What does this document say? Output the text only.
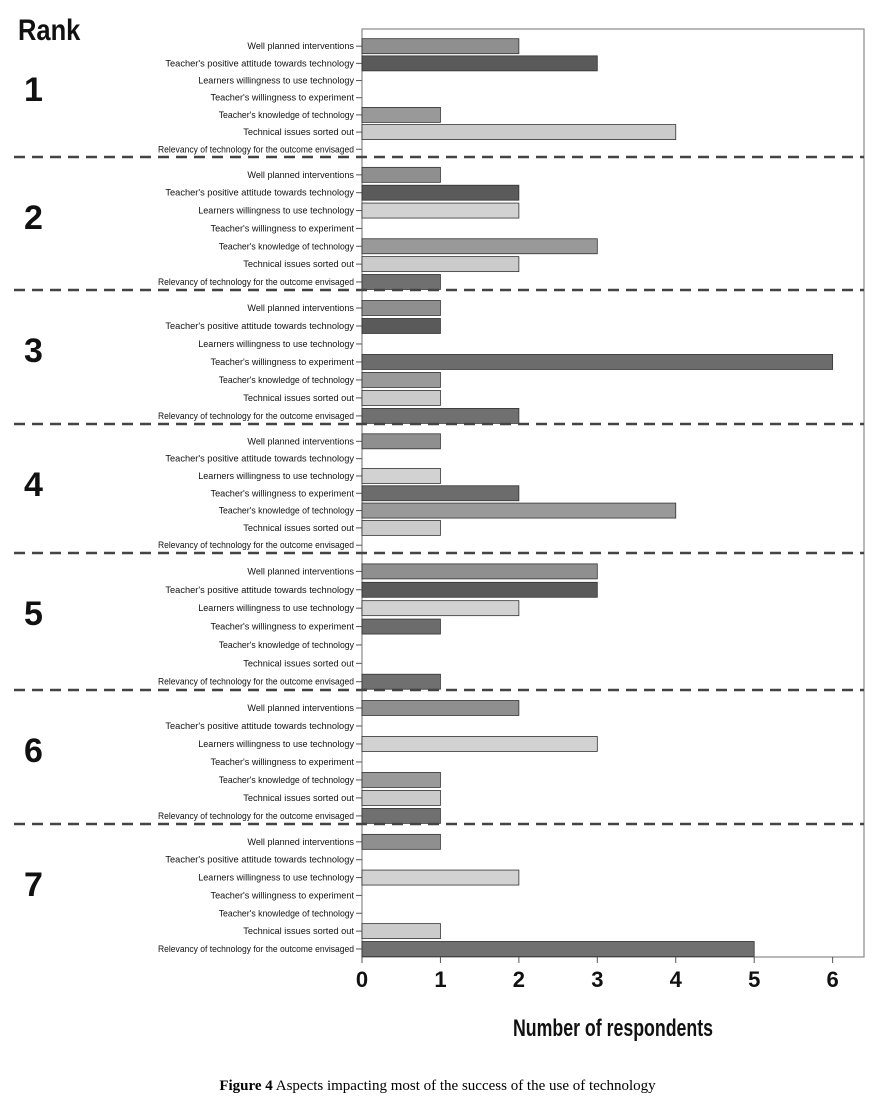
Rank
1
Well planned interventions
Teacher's positive attitude towards technology
Learners willingness to use technology
Teacher's willingness to experiment
Teacher's knowledge of technology
Technical issues sorted out
Relevancy of technology for the outcome envisaged
2
Well planned interventions
Teacher's positive attitude towards technology
Learners willingness to use technology
Teacher's willingness to experiment
Teacher's knowledge of technology
Technical issues sorted out
Relevancy of technology for the outcome envisaged
3
Well planned interventions
Teacher's positive attitude towards technology
Learners willingness to use technology
Teacher's willingness to experiment
Teacher's knowledge of technology
Technical issues sorted out
Relevancy of technology for the outcome envisaged
4
Well planned interventions
Teacher's positive attitude towards technology
Learners willingness to use technology
Teacher's willingness to experiment
Teacher's knowledge of technology
Technical issues sorted out
Relevancy of technology for the outcome envisaged
5
Well planned interventions
Teacher's positive attitude towards technology
Learners willingness to use technology
Teacher's willingness to experiment
Teacher's knowledge of technology
Technical issues sorted out
Relevancy of technology for the outcome envisaged
6
Well planned interventions
Teacher's positive attitude towards technology
Learners willingness to use technology
Teacher's willingness to experiment
Teacher's knowledge of technology
Technical issues sorted out
Relevancy of technology for the outcome envisaged
7
Well planned interventions
Teacher's positive attitude towards technology
Learners willingness to use technology
Teacher's willingness to experiment
Teacher's knowledge of technology
Technical issues sorted out
Relevancy of technology for the outcome envisaged
0	1	2	3	4	5	6
Number of respondents
Figure 4 Aspects impacting most of the success of the use of technology
